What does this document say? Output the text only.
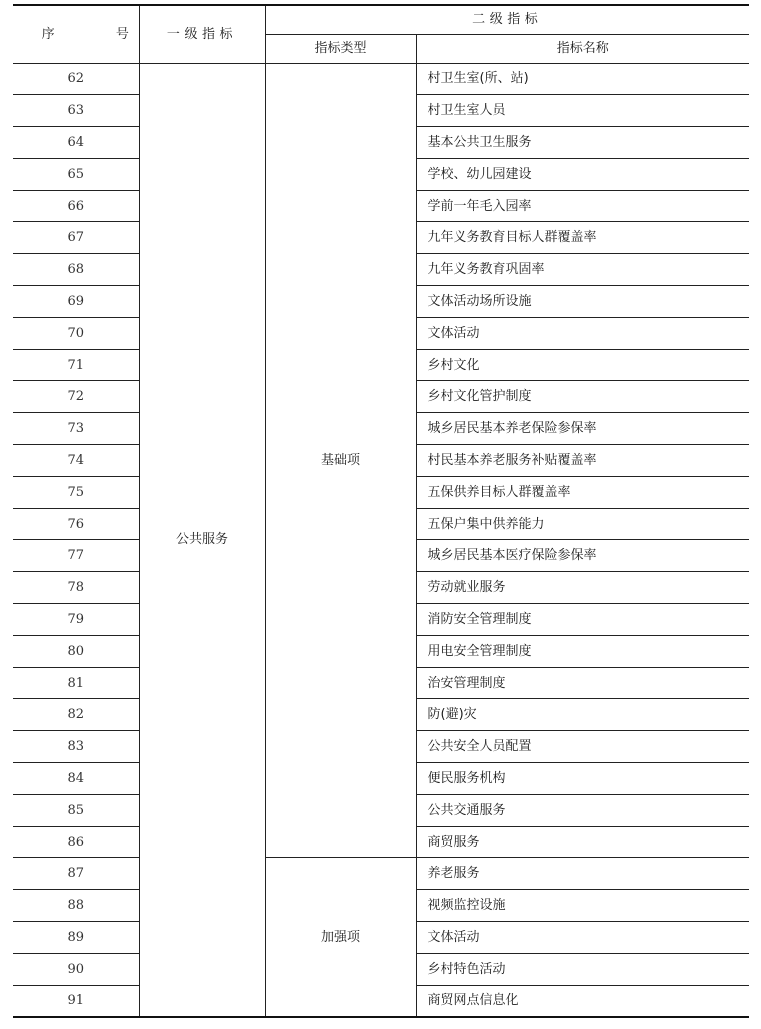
序 号	一级指标	二级指标	
		指标类型	指标名称
62	公共服务	基础项	村卫生室(所、站)
63			村卫生室人员
64			基本公共卫生服务
65			学校、幼儿园建设
66			学前一年毛入园率
67			九年义务教育目标人群覆盖率
68			九年义务教育巩固率
69			文体活动场所设施
70			文体活动
71			乡村文化
72			乡村文化管护制度
73			城乡居民基本养老保险参保率
74			村民基本养老服务补贴覆盖率
75			五保供养目标人群覆盖率
76			五保户集中供养能力
77			城乡居民基本医疗保险参保率
78			劳动就业服务
79			消防安全管理制度
80			用电安全管理制度
81			治安管理制度
82			防(避)灾
83			公共安全人员配置
84			便民服务机构
85			公共交通服务
86			商贸服务
87		加强项	养老服务
88			视频监控设施
89			文体活动
90			乡村特色活动
91			商贸网点信息化
